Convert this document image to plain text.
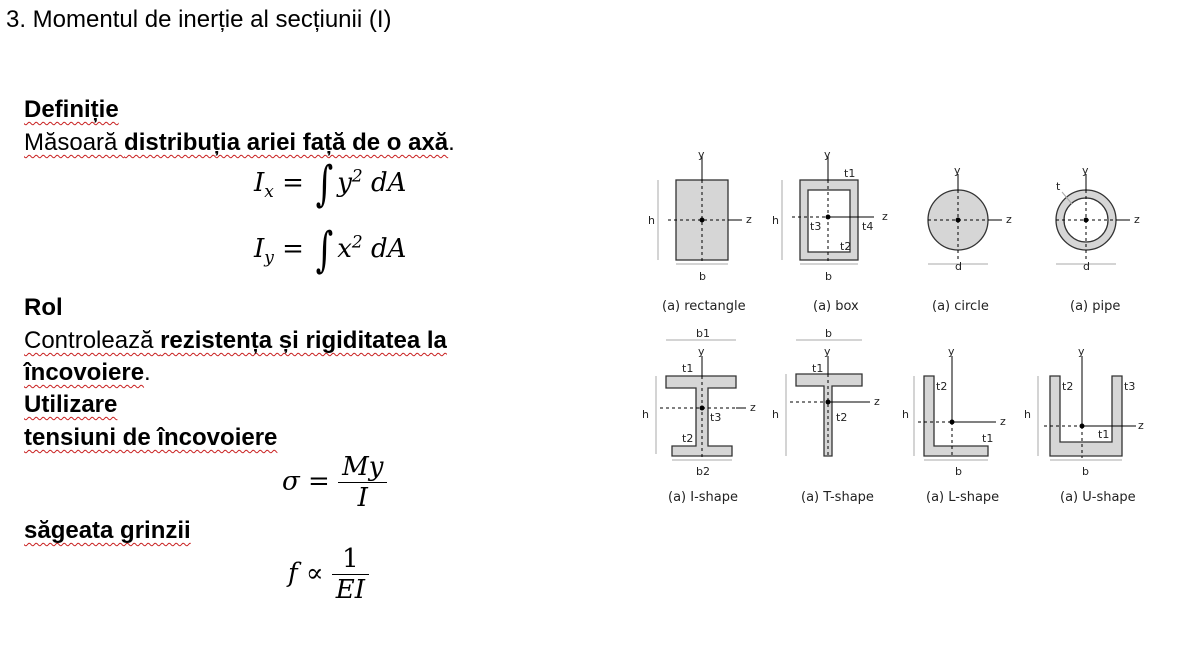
3. Momentul de inerție al secțiunii (I)
Definiție
Măsoară distribuția ariei față de o axă.
$I_x$ = ∫ $y^2$ dA
$I_y$ = ∫ $x^2$ dA
Rol
Controlează rezistența și rigiditatea la încovoiere.
Utilizare
tensiuni de încovoiere
$\sigma = \frac{My}{I}$
săgeata grinzii
$f \propto \frac{1}{EI}$
y
z
h
b
(a) rectangle
y
z
h
b
t1
t2
t3	t4
(a) box
y
z
d
(a) circle
y
z
t
d
(a) pipe
b1
y
z
h
t1
t2
t3
b2
(a) I-shape
b
y
z
h
t1
t2
(a) T-shape
y
z
h
t2
t1
b
(a) L-shape
y
z
h
t2	t3
t1
b
(a) U-shape
